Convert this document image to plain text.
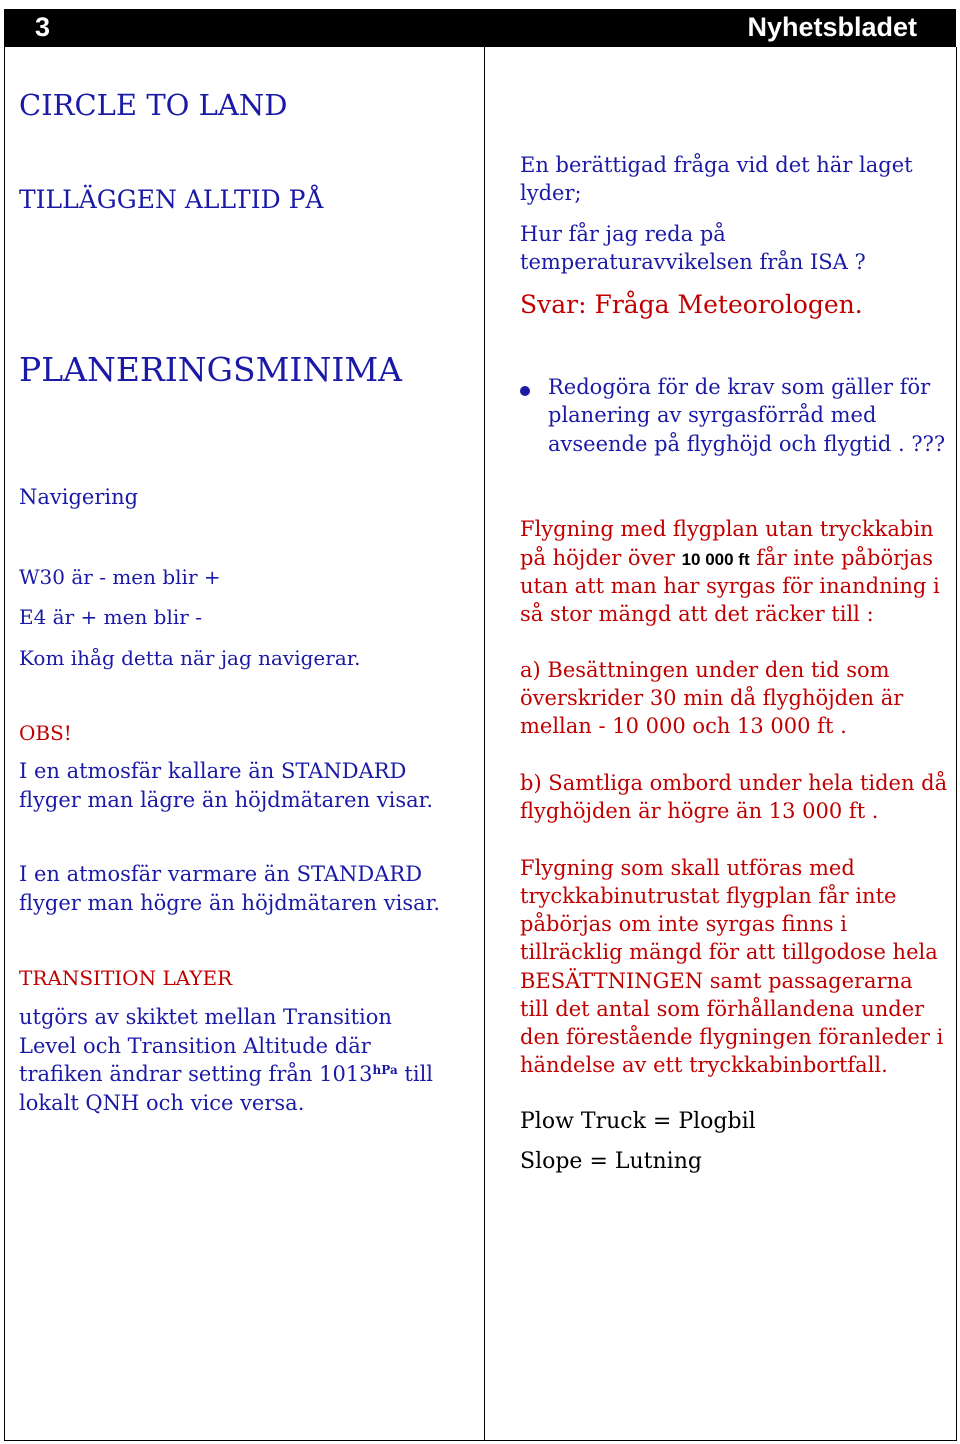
3	Nyhetsbladet

CIRCLE TO LAND

TILLÄGGEN ALLTID PÅ

PLANERINGSMINIMA

Navigering

W30 är - men blir +

E4 är + men blir -

Kom ihåg detta när jag navigerar.

OBS!

I en atmosfär kallare än STANDARD

flyger man lägre än höjdmätaren visar.

I en atmosfär varmare än STANDARD

flyger man högre än höjdmätaren visar.

TRANSITION LAYER

utgörs av skiktet mellan Transition

Level och Transition Altitude där

trafiken ändrar setting från $1013^{hPa}$ till

lokalt QNH och vice versa.

En berättigad fråga vid det här laget

lyder;

Hur får jag reda på

temperaturavvikelsen från ISA ?

Svar: Fråga Meteorologen.

Redogöra för de krav som gäller för

planering av syrgasförråd med

avseende på flyghöjd och flygtid . ???

Flygning med flygplan utan tryckkabin

på höjder över 10 000 ft får inte påbörjas

utan att man har syrgas för inandning i

så stor mängd att det räcker till :

a) Besättningen under den tid som

överskrider 30 min då flyghöjden är

mellan - 10 000 och 13 000 ft .

b) Samtliga ombord under hela tiden då

flyghöjden är högre än 13 000 ft .

Flygning som skall utföras med

tryckkabinutrustat flygplan får inte

påbörjas om inte syrgas finns i

tillräcklig mängd för att tillgodose hela

BESÄTTNINGEN samt passagerarna

till det antal som förhållandena under

den förestående flygningen föranleder i

händelse av ett tryckkabinbortfall.

Plow Truck = Plogbil

Slope = Lutning
